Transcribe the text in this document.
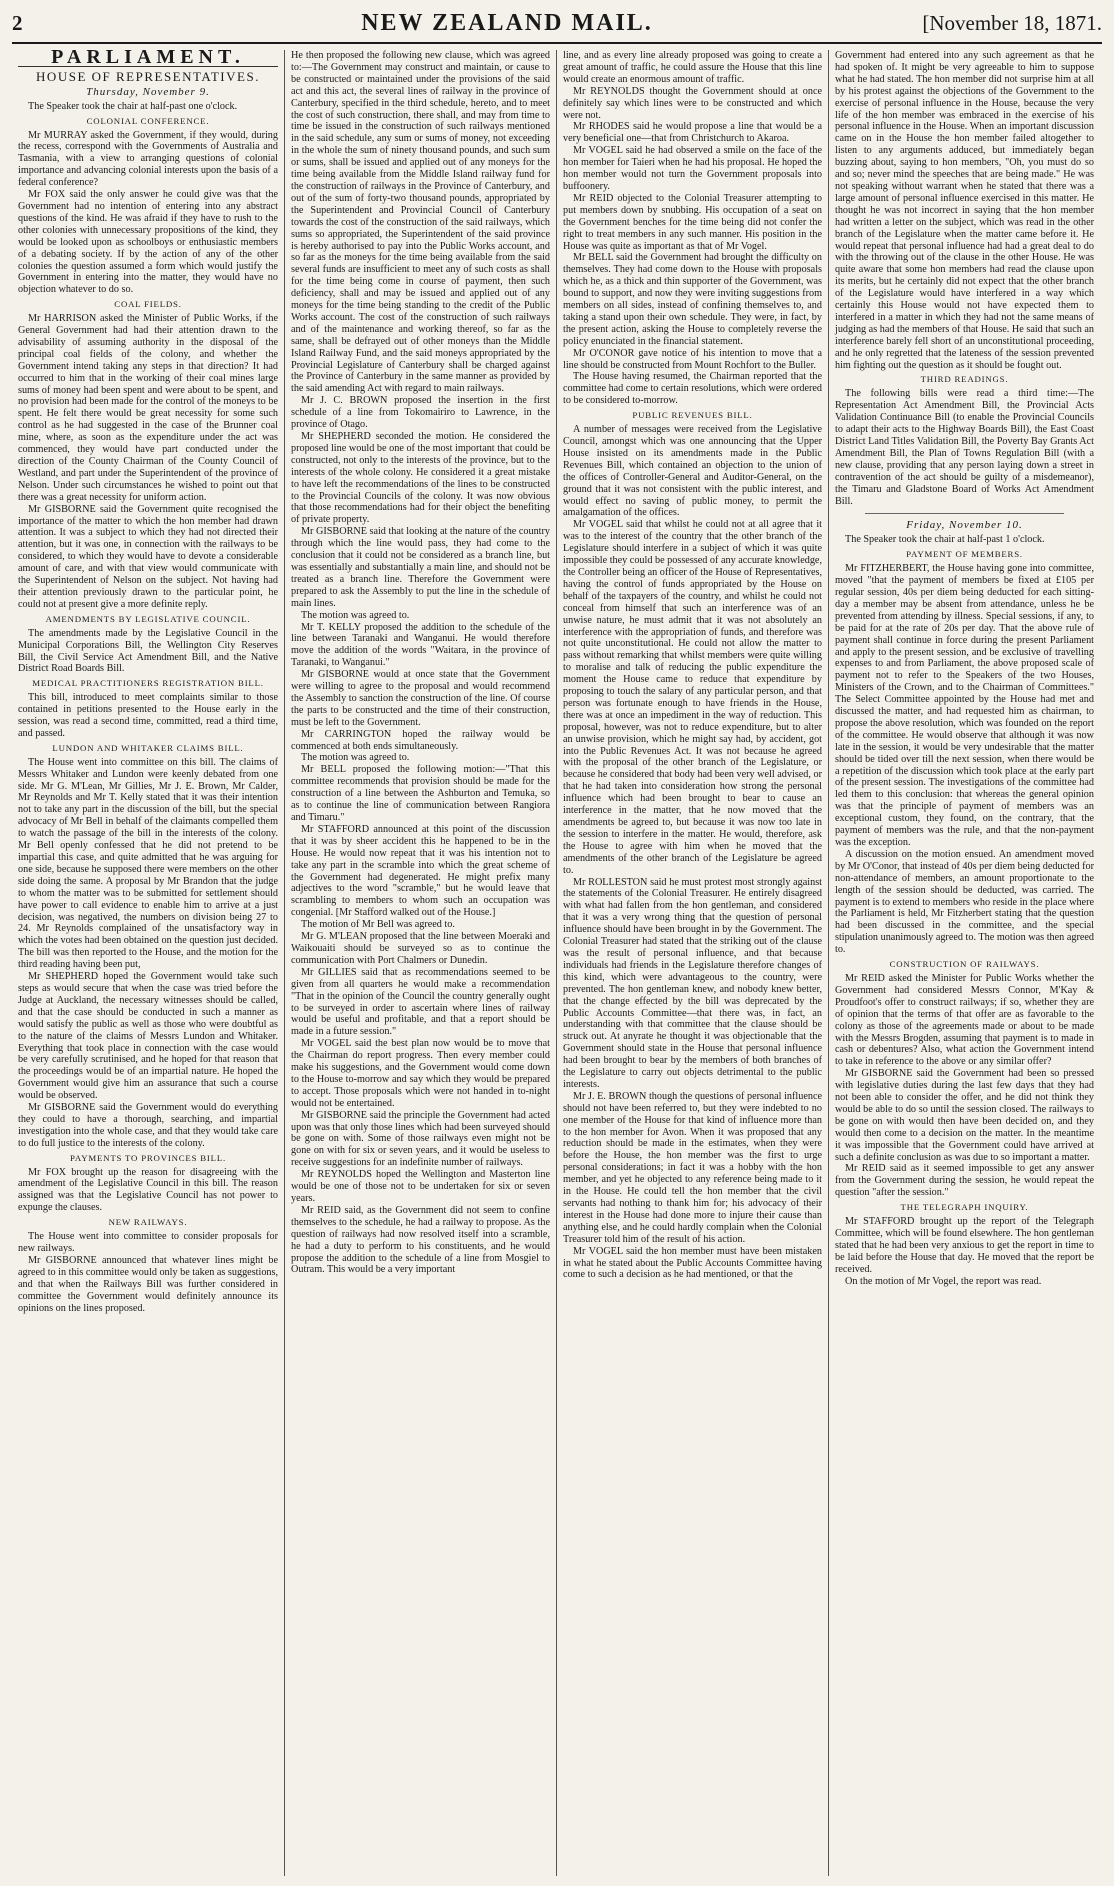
2	NEW ZEALAND MAIL.	[November 18, 1871.
PARLIAMENT.
HOUSE OF REPRESENTATIVES.
Thursday, November 9.

The Speaker took the chair at half-past one o'clock.

COLONIAL CONFERENCE.

Mr MURRAY asked the Government, if they would, during the recess, correspond with the Governments of Australia and Tasmania, with a view to arranging questions of colonial importance and advancing colonial interests upon the basis of a federal conference?

Mr FOX said the only answer he could give was that the Government had no intention of entering into any abstract questions of the kind. He was afraid if they have to rush to the other colonies with unnecessary propositions of the kind, they would be looked upon as schoolboys or enthusiastic members of a debating society. If by the action of any of the other colonies the question assumed a form which would justify the Government in entering into the matter, they would have no objection whatever to do so.

COAL FIELDS.

Mr HARRISON asked the Minister of Public Works, if the General Government had had their attention drawn to the advisability of assuming authority in the disposal of the principal coal fields of the colony, and whether the Government intend taking any steps in that direction? It had occurred to him that in the working of their coal mines large sums of money had been spent and were about to be spent, and no provision had been made for the control of the moneys to be spent. He felt there would be great necessity for some such control as he had suggested in the case of the Brunner coal mine, where, as soon as the expenditure under the act was commenced, they would have part conducted under the direction of the County Chairman of the County Council of Westland, and part under the Superintendent of the province of Nelson. Under such circumstances he wished to point out that there was a great necessity for uniform action.

Mr GISBORNE said the Government quite recognised the importance of the matter to which the hon member had drawn attention. It was a subject to which they had not directed their attention, but it was one, in connection with the railways to be considered, to which they would have to devote a considerable amount of care, and with that view would communicate with the Superintendent of Nelson on the subject. Not having had their attention previously drawn to the particular point, he could not at present give a more definite reply.

AMENDMENTS BY LEGISLATIVE COUNCIL.

The amendments made by the Legislative Council in the Municipal Corporations Bill, the Wellington City Reserves Bill, the Civil Service Act Amendment Bill, and the Native District Road Boards Bill.

MEDICAL PRACTITIONERS REGISTRATION BILL.

This bill, introduced to meet complaints similar to those contained in petitions presented to the House early in the session, was read a second time, committed, read a third time, and passed.

LUNDON AND WHITAKER CLAIMS BILL.

The House went into committee on this bill. The claims of Messrs Whitaker and Lundon were keenly debated from one side. Mr G. M'Lean, Mr Gillies, Mr J. E. Brown, Mr Calder, Mr Reynolds and Mr T. Kelly stated that it was their intention not to take any part in the discussion of the bill, but the special advocacy of Mr Bell in behalf of the claimants compelled them to watch the passage of the bill in the interests of the colony. Mr Bell openly confessed that he did not pretend to be impartial this case, and quite admitted that he was arguing for one side, because he supposed there were members on the other side doing the same. A proposal by Mr Brandon that the judge to whom the matter was to be submitted for settlement should have power to call evidence to enable him to arrive at a just decision, was negatived, the numbers on division being 27 to 24. Mr Reynolds complained of the unsatisfactory way in which the votes had been obtained on the question just decided. The bill was then reported to the House, and the motion for the third reading having been put,

Mr SHEPHERD hoped the Government would take such steps as would secure that when the case was tried before the Judge at Auckland, the necessary witnesses should be called, and that the case should be conducted in such a manner as would satisfy the public as well as those who were doubtful as to the nature of the claims of Messrs Lundon and Whitaker. Everything that took place in connection with the case would be very carefully scrutinised, and he hoped for that reason that the proceedings would be of an impartial nature. He hoped the Government would give him an assurance that such a course would be observed.

Mr GISBORNE said the Government would do everything they could to have a thorough, searching, and impartial investigation into the whole case, and that they would take care to do full justice to the interests of the colony.

PAYMENTS TO PROVINCES BILL.

Mr FOX brought up the reason for disagreeing with the amendment of the Legislative Council in this bill. The reason assigned was that the Legislative Council has not power to expunge the clauses.

NEW RAILWAYS.

The House went into committee to consider proposals for new railways.

Mr GISBORNE announced that whatever lines might be agreed to in this committee would only be taken as suggestions, and that when the Railways Bill was further considered in committee the Government would definitely announce its opinions on the lines proposed.

He then proposed the following new clause, which was agreed to:—The Government may construct and maintain, or cause to be constructed or maintained under the provisions of the said act and this act, the several lines of railway in the province of Canterbury, specified in the third schedule, hereto, and to meet the cost of such construction, there shall, and may from time to time be issued in the construction of such railways mentioned in the said schedule, any sum or sums of money, not exceeding in the whole the sum of ninety thousand pounds, and such sum or sums, shall be issued and applied out of any moneys for the time being available from the Middle Island railway fund for the construction of railways in the Province of Canterbury, and out of the sum of forty-two thousand pounds, appropriated by the Superintendent and Provincial Council of Canterbury towards the cost of the construction of the said railways, which sums so appropriated, the Superintendent of the said province is hereby authorised to pay into the Public Works account, and so far as the moneys for the time being available from the said several funds are insufficient to meet any of such costs as shall for the time being come in course of payment, then such deficiency, shall and may be issued and applied out of any moneys for the time being standing to the credit of the Public Works account. The cost of the construction of such railways and of the maintenance and working thereof, so far as the same, shall be defrayed out of other moneys than the Middle Island Railway Fund, and the said moneys appropriated by the Provincial Legislature of Canterbury shall be charged against the Province of Canterbury in the same manner as provided by the said amending Act with regard to main railways.

Mr J. C. BROWN proposed the insertion in the first schedule of a line from Tokomairiro to Lawrence, in the province of Otago.

Mr SHEPHERD seconded the motion. He considered the proposed line would be one of the most important that could be constructed, not only to the interests of the province, but to the interests of the whole colony. He considered it a great mistake to have left the recommendations of the lines to be constructed to the Provincial Councils of the colony. It was now obvious that those recommendations had for their object the benefiting of private property.

Mr GISBORNE said that looking at the nature of the country through which the line would pass, they had come to the conclusion that it could not be considered as a branch line, but was essentially and substantially a main line, and should not be treated as a branch line. Therefore the Government were prepared to ask the Assembly to put the line in the schedule of main lines.

The motion was agreed to.

Mr T. KELLY proposed the addition to the schedule of the line between Taranaki and Wanganui. He would therefore move the addition of the words "Waitara, in the province of Taranaki, to Wanganui."

Mr GISBORNE would at once state that the Government were willing to agree to the proposal and would recommend the Assembly to sanction the construction of the line. Of course the parts to be constructed and the time of their construction, must be left to the Government.

Mr CARRINGTON hoped the railway would be commenced at both ends simultaneously.

The motion was agreed to.

Mr BELL proposed the following motion:—"That this committee recommends that provision should be made for the construction of a line between the Ashburton and Temuka, so as to continue the line of communication between Rangiora and Timaru."

Mr STAFFORD announced at this point of the discussion that it was by sheer accident this he happened to be in the House. He would now repeat that it was his intention not to take any part in the scramble into which the great scheme of the Government had degenerated. He might prefix many adjectives to the word "scramble," but he would leave that scrambling to members to whom such an occupation was congenial. [Mr Stafford walked out of the House.]

The motion of Mr Bell was agreed to.

Mr G. M'LEAN proposed that the line between Moeraki and Waikouaiti should be surveyed so as to continue the communication with Port Chalmers or Dunedin.

Mr GILLIES said that as recommendations seemed to be given from all quarters he would make a recommendation "That in the opinion of the Council the country generally ought to be surveyed in order to ascertain where lines of railway would be useful and profitable, and that a report should be made in a future session."

Mr VOGEL said the best plan now would be to move that the Chairman do report progress. Then every member could make his suggestions, and the Government would come down to the House to-morrow and say which they would be prepared to accept. Those proposals which were not handed in to-night would not be entertained.

Mr GISBORNE said the principle the Government had acted upon was that only those lines which had been surveyed should be gone on with. Some of those railways even might not be gone on with for six or seven years, and it would be useless to receive suggestions for an indefinite number of railways.

Mr REYNOLDS hoped the Wellington and Masterton line would be one of those not to be undertaken for six or seven years.

Mr REID said, as the Government did not seem to confine themselves to the schedule, he had a railway to propose. As the question of railways had now resolved itself into a scramble, he had a duty to perform to his constituents, and he would propose the addition to the schedule of a line from Mosgiel to Outram. This would be a very important

line, and as every line already proposed was going to create a great amount of traffic, he could assure the House that this line would create an enormous amount of traffic.

Mr REYNOLDS thought the Government should at once definitely say which lines were to be constructed and which were not.

Mr RHODES said he would propose a line that would be a very beneficial one—that from Christchurch to Akaroa.

Mr VOGEL said he had observed a smile on the face of the hon member for Taieri when he had his proposal. He hoped the hon member would not turn the Government proposals into buffoonery.

Mr REID objected to the Colonial Treasurer attempting to put members down by snubbing. His occupation of a seat on the Government benches for the time being did not confer the right to treat members in any such manner. His position in the House was quite as important as that of Mr Vogel.

Mr BELL said the Government had brought the difficulty on themselves. They had come down to the House with proposals which he, as a thick and thin supporter of the Government, was bound to support, and now they were inviting suggestions from members on all sides, instead of confining themselves to, and taking a stand upon their own schedule. They were, in fact, by the present action, asking the House to completely reverse the policy enunciated in the financial statement.

Mr O'CONOR gave notice of his intention to move that a line should be constructed from Mount Rochfort to the Buller.

The House having resumed, the Chairman reported that the committee had come to certain resolutions, which were ordered to be considered to-morrow.

PUBLIC REVENUES BILL.

A number of messages were received from the Legislative Council, amongst which was one announcing that the Upper House insisted on its amendments made in the Public Revenues Bill, which contained an objection to the union of the offices of Controller-General and Auditor-General, on the ground that it was not consistent with the public interest, and would effect no saving of public money, to permit the amalgamation of the offices.

Mr VOGEL said that whilst he could not at all agree that it was to the interest of the country that the other branch of the Legislature should interfere in a subject of which it was quite impossible they could be possessed of any accurate knowledge, the Controller being an officer of the House of Representatives, having the control of funds appropriated by the House on behalf of the taxpayers of the country, and whilst he could not conceal from himself that such an interference was of an unwise nature, he must admit that it was not absolutely an interference with the appropriation of funds, and therefore was not quite unconstitutional. He could not allow the matter to pass without remarking that whilst members were quite willing to moralise and talk of reducing the public expenditure the moment the House came to reduce that expenditure by proposing to touch the salary of any particular person, and that person was fortunate enough to have friends in the House, there was at once an impediment in the way of reduction. This proposal, however, was not to reduce expenditure, but to alter an unwise provision, which he might say had, by accident, got into the Public Revenues Act. It was not because he agreed with the proposal of the other branch of the Legislature, or because he considered that body had been very well advised, or that he had taken into consideration how strong the personal influence which had been brought to bear to cause an interference in the matter, that he now moved that the amendments be agreed to, but because it was now too late in the session to interfere in the matter. He would, therefore, ask the House to agree with him when he moved that the amendments of the other branch of the Legislature be agreed to.

Mr ROLLESTON said he must protest most strongly against the statements of the Colonial Treasurer. He entirely disagreed with what had fallen from the hon gentleman, and considered that it was a very wrong thing that the question of personal influence should have been brought in by the Government. The Colonial Treasurer had stated that the striking out of the clause was the result of personal influence, and that because individuals had friends in the Legislature therefore changes of this kind, which were advantageous to the country, were prevented. The hon gentleman knew, and nobody knew better, that the change effected by the bill was deprecated by the Public Accounts Committee—that there was, in fact, an understanding with that committee that the clause should be struck out. At anyrate he thought it was objectionable that the Government should state in the House that personal influence had been brought to bear by the members of both branches of the Legislature to carry out objects detrimental to the public interests.

Mr J. E. BROWN though the questions of personal influence should not have been referred to, but they were indebted to no one member of the House for that kind of influence more than to the hon member for Avon. When it was proposed that any reduction should be made in the estimates, when they were before the House, the hon member was the first to urge personal considerations; in fact it was a hobby with the hon member, and yet he objected to any reference being made to it in the House. He could tell the hon member that the civil servants had nothing to thank him for; his advocacy of their interest in the House had done more to injure their cause than anything else, and he could hardly complain when the Colonial Treasurer told him of the result of his action.

Mr VOGEL said the hon member must have been mistaken in what he stated about the Public Accounts Committee having come to such a decision as he had mentioned, or that the

Government had entered into any such agreement as that he had spoken of. It might be very agreeable to him to suppose what he had stated. The hon member did not surprise him at all by his protest against the objections of the Government to the exercise of personal influence in the House, because the very life of the hon member was embraced in the exercise of his personal influence in the House. When an important discussion came on in the House the hon member failed altogether to listen to any arguments adduced, but immediately began buzzing about, saying to hon members, "Oh, you must do so and so; never mind the speeches that are being made." He was not speaking without warrant when he stated that there was a large amount of personal influence exercised in this matter. He thought he was not incorrect in saying that the hon member had written a letter on the subject, which was read in the other branch of the Legislature when the matter came before it. He would repeat that personal influence had had a great deal to do with the throwing out of the clause in the other House. He was quite aware that some hon members had read the clause upon its merits, but he certainly did not expect that the other branch of the Legislature would have interfered in a way which certainly this House would not have expected them to interfered in a matter in which they had not the same means of judging as had the members of that House. He said that such an interference barely fell short of an unconstitutional proceeding, and he only regretted that the lateness of the session prevented him fighting out the question as it should be fought out.

THIRD READINGS.

The following bills were read a third time:—The Representation Act Amendment Bill, the Provincial Acts Validation Continuance Bill (to enable the Provincial Councils to adapt their acts to the Highway Boards Bill), the East Coast District Land Titles Validation Bill, the Poverty Bay Grants Act Amendment Bill, the Plan of Towns Regulation Bill (with a new clause, providing that any person laying down a street in contravention of the act should be guilty of a misdemeanor), the Timaru and Gladstone Board of Works Act Amendment Bill.

Friday, November 10.

The Speaker took the chair at half-past 1 o'clock.

PAYMENT OF MEMBERS.

Mr FITZHERBERT, the House having gone into committee, moved "that the payment of members be fixed at £105 per regular session, 40s per diem being deducted for each sitting-day a member may be absent from attendance, unless he be prevented from attending by illness. Special sessions, if any, to be paid for at the rate of 20s per day. That the above rule of payment shall continue in force during the present Parliament and apply to the present session, and be exclusive of travelling expenses to and from Parliament, the above proposed scale of payment not to refer to the Speakers of the two Houses, Ministers of the Crown, and to the Chairman of Committees." The Select Committee appointed by the House had met and discussed the matter, and had requested him as chairman, to propose the above resolution, which was founded on the report of the committee. He would observe that although it was now late in the session, it would be very undesirable that the matter should be tided over till the next session, when there would be a repetition of the discussion which took place at the early part of the present session. The investigations of the committee had led them to this conclusion: that whereas the general opinion was that the principle of payment of members was an exceptional custom, they found, on the contrary, that the payment of members was the rule, and that the non-payment was the exception.

A discussion on the motion ensued. An amendment moved by Mr O'Conor, that instead of 40s per diem being deducted for non-attendance of members, an amount proportionate to the length of the session should be deducted, was carried. The payment is to extend to members who reside in the place where the Parliament is held, Mr Fitzherbert stating that the question had been discussed in the committee, and the special stipulation unanimously agreed to. The motion was then agreed to.

CONSTRUCTION OF RAILWAYS.

Mr REID asked the Minister for Public Works whether the Government had considered Messrs Connor, M'Kay & Proudfoot's offer to construct railways; if so, whether they are of opinion that the terms of that offer are as favorable to the colony as those of the agreements made or about to be made with the Messrs Brogden, assuming that payment is to made in cash or debentures? Also, what action the Government intend to take in reference to the above or any similar offer?

Mr GISBORNE said the Government had been so pressed with legislative duties during the last few days that they had not been able to consider the offer, and he did not think they would be able to do so until the session closed. The railways to be gone on with would then have been decided on, and they would then come to a decision on the matter. In the meantime it was impossible that the Government could have arrived at such a definite conclusion as was due to so important a matter.

Mr REID said as it seemed impossible to get any answer from the Government during the session, he would repeat the question "after the session."

THE TELEGRAPH INQUIRY.

Mr STAFFORD brought up the report of the Telegraph Committee, which will be found elsewhere. The hon gentleman stated that he had been very anxious to get the report in time to be laid before the House that day. He moved that the report be received.

On the motion of Mr Vogel, the report was read.
